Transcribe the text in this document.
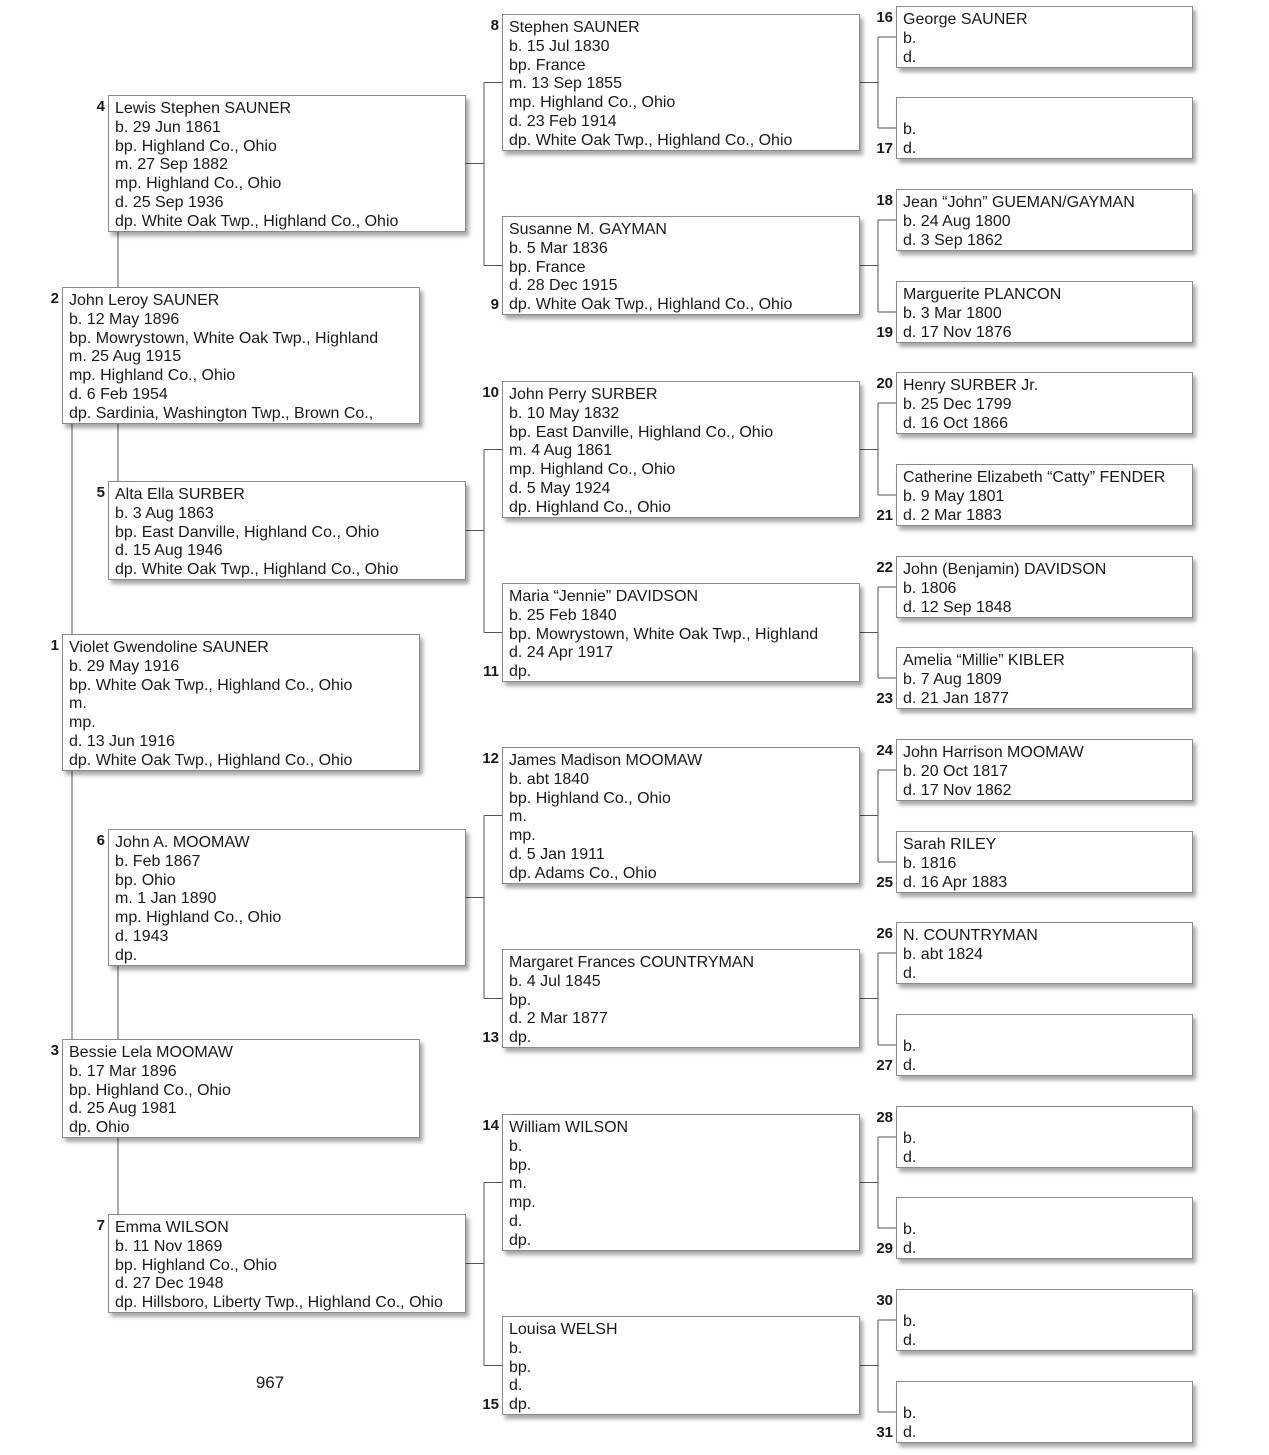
Violet Gwendoline SAUNER
b. 29 May 1916
bp. White Oak Twp., Highland Co., Ohio
m.
mp.
d. 13 Jun 1916
dp. White Oak Twp., Highland Co., Ohio
1
John Leroy SAUNER
b. 12 May 1896
bp. Mowrystown, White Oak Twp., Highland
m. 25 Aug 1915
mp. Highland Co., Ohio
d. 6 Feb 1954
dp. Sardinia, Washington Twp., Brown Co.,
2
Bessie Lela MOOMAW
b. 17 Mar 1896
bp. Highland Co., Ohio
d. 25 Aug 1981
dp. Ohio
3
Lewis Stephen SAUNER
b. 29 Jun 1861
bp. Highland Co., Ohio
m. 27 Sep 1882
mp. Highland Co., Ohio
d. 25 Sep 1936
dp. White Oak Twp., Highland Co., Ohio
4
Alta Ella SURBER
b. 3 Aug 1863
bp. East Danville, Highland Co., Ohio
d. 15 Aug 1946
dp. White Oak Twp., Highland Co., Ohio
5
John A. MOOMAW
b. Feb 1867
bp. Ohio
m. 1 Jan 1890
mp. Highland Co., Ohio
d. 1943
dp.
6
Emma WILSON
b. 11 Nov 1869
bp. Highland Co., Ohio
d. 27 Dec 1948
dp. Hillsboro, Liberty Twp., Highland Co., Ohio
7
Stephen SAUNER
b. 15 Jul 1830
bp. France
m. 13 Sep 1855
mp. Highland Co., Ohio
d. 23 Feb 1914
dp. White Oak Twp., Highland Co., Ohio
8
Susanne M. GAYMAN
b. 5 Mar 1836
bp. France
d. 28 Dec 1915
dp. White Oak Twp., Highland Co., Ohio
9
John Perry SURBER
b. 10 May 1832
bp. East Danville, Highland Co., Ohio
m. 4 Aug 1861
mp. Highland Co., Ohio
d. 5 May 1924
dp. Highland Co., Ohio
10
Maria “Jennie” DAVIDSON
b. 25 Feb 1840
bp. Mowrystown, White Oak Twp., Highland
d. 24 Apr 1917
dp.
11
James Madison MOOMAW
b. abt 1840
bp. Highland Co., Ohio
m.
mp.
d. 5 Jan 1911
dp. Adams Co., Ohio
12
Margaret Frances COUNTRYMAN
b. 4 Jul 1845
bp.
d. 2 Mar 1877
dp.
13
William WILSON
b.
bp.
m.
mp.
d.
dp.
14
Louisa WELSH
b.
bp.
d.
dp.
15
George SAUNER
b.
d.
16
b.
d.
17
Jean “John” GUEMAN/GAYMAN
b. 24 Aug 1800
d. 3 Sep 1862
18
Marguerite PLANCON
b. 3 Mar 1800
d. 17 Nov 1876
19
Henry SURBER Jr.
b. 25 Dec 1799
d. 16 Oct 1866
20
Catherine Elizabeth “Catty” FENDER
b. 9 May 1801
d. 2 Mar 1883
21
John (Benjamin) DAVIDSON
b. 1806
d. 12 Sep 1848
22
Amelia “Millie” KIBLER
b. 7 Aug 1809
d. 21 Jan 1877
23
John Harrison MOOMAW
b. 20 Oct 1817
d. 17 Nov 1862
24
Sarah RILEY
b. 1816
d. 16 Apr 1883
25
N. COUNTRYMAN
b. abt 1824
d.
26
b.
d.
27
b.
d.
28
b.
d.
29
b.
d.
30
b.
d.
31
967
